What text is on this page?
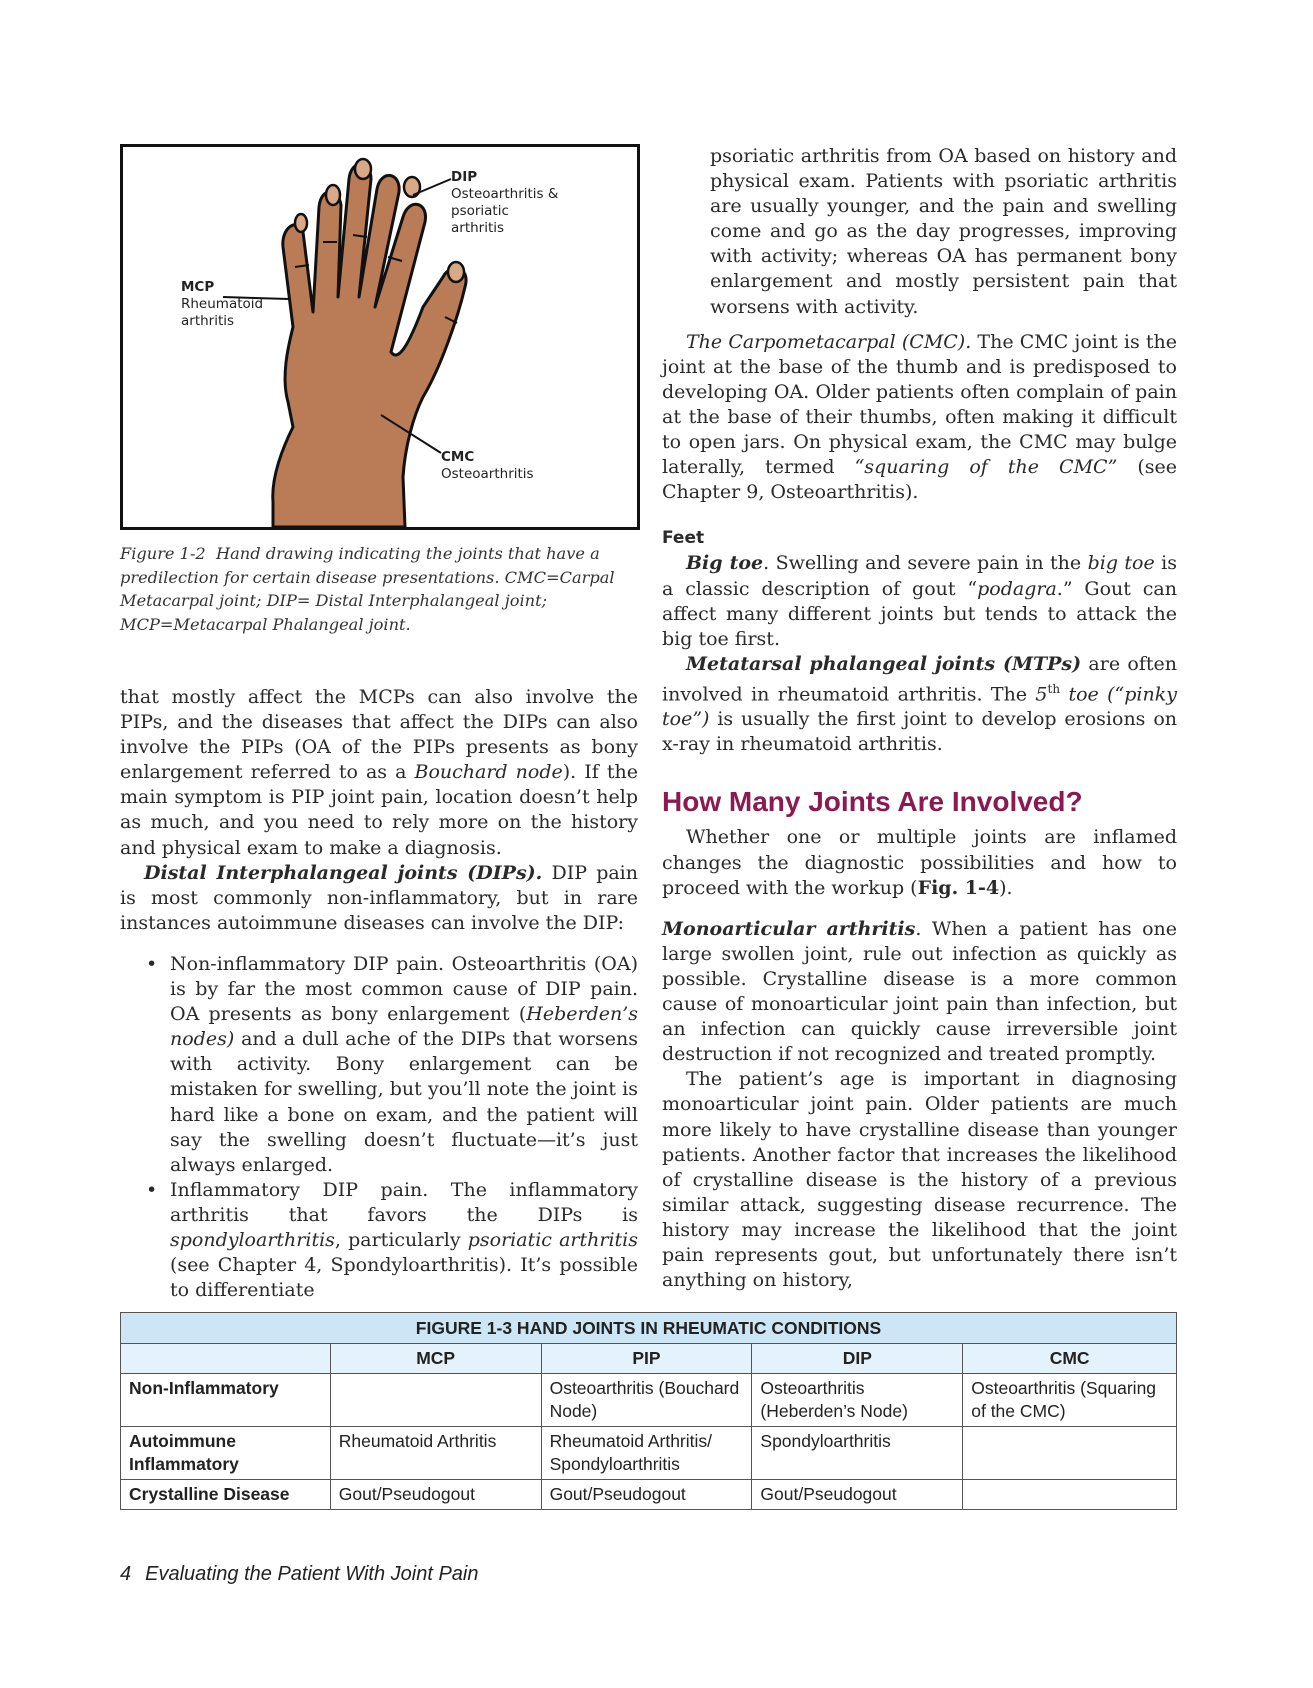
DIP
Osteoarthritis & psoriatic arthritis
MCP
Rheumatoid arthritis
CMC
Osteoarthritis
Figure 1-2 Hand drawing indicating the joints that have a predilection for certain disease presentations. CMC=Carpal Metacarpal joint; DIP= Distal Interphalangeal joint; MCP=Metacarpal Phalangeal joint.

that mostly affect the MCPs can also involve the PIPs, and the diseases that affect the DIPs can also involve the PIPs (OA of the PIPs presents as bony enlargement referred to as a Bouchard node). If the main symptom is PIP joint pain, location doesn’t help as much, and you need to rely more on the history and physical exam to make a diagnosis.

Distal Interphalangeal joints (DIPs). DIP pain is most commonly non-inflammatory, but in rare instances autoimmune diseases can involve the DIP:

• Non-inflammatory DIP pain. Osteoarthritis (OA) is by far the most common cause of DIP pain. OA presents as bony enlargement (Heberden’s nodes) and a dull ache of the DIPs that worsens with activity. Bony enlargement can be mistaken for swelling, but you’ll note the joint is hard like a bone on exam, and the patient will say the swelling doesn’t fluctuate—it’s just always enlarged.
• Inflammatory DIP pain. The inflammatory arthritis that favors the DIPs is spondyloarthritis, particularly psoriatic arthritis (see Chapter 4, Spondyloarthritis). It’s possible to differentiate

psoriatic arthritis from OA based on history and physical exam. Patients with psoriatic arthritis are usually younger, and the pain and swelling come and go as the day progresses, improving with activity; whereas OA has permanent bony enlargement and mostly persistent pain that worsens with activity.

The Carpometacarpal (CMC). The CMC joint is the joint at the base of the thumb and is predisposed to developing OA. Older patients often complain of pain at the base of their thumbs, often making it difficult to open jars. On physical exam, the CMC may bulge laterally, termed “squaring of the CMC” (see Chapter 9, Osteoarthritis).

Feet

Big toe. Swelling and severe pain in the big toe is a classic description of gout “podagra.” Gout can affect many different joints but tends to attack the big toe first.

Metatarsal phalangeal joints (MTPs) are often involved in rheumatoid arthritis. The 5th toe (“pinky toe”) is usually the first joint to develop erosions on x-ray in rheumatoid arthritis.

How Many Joints Are Involved?

Whether one or multiple joints are inflamed changes the diagnostic possibilities and how to proceed with the workup (Fig. 1-4).

Monoarticular arthritis. When a patient has one large swollen joint, rule out infection as quickly as possible. Crystalline disease is a more common cause of monoarticular joint pain than infection, but an infection can quickly cause irreversible joint destruction if not recognized and treated promptly.

The patient’s age is important in diagnosing monoarticular joint pain. Older patients are much more likely to have crystalline disease than younger patients. Another factor that increases the likelihood of crystalline disease is the history of a previous similar attack, suggesting disease recurrence. The history may increase the likelihood that the joint pain represents gout, but unfortunately there isn’t anything on history,

FIGURE 1-3 HAND JOINTS IN RHEUMATIC CONDITIONS				
	MCP	PIP	DIP	CMC
Non-Inflammatory		Osteoarthritis (Bouchard Node)	Osteoarthritis (Heberden’s Node)	Osteoarthritis (Squaring of the CMC)
Autoimmune Inflammatory	Rheumatoid Arthritis	Rheumatoid Arthritis/ Spondyloarthritis	Spondyloarthritis	
Crystalline Disease	Gout/Pseudogout	Gout/Pseudogout	Gout/Pseudogout	
4 Evaluating the Patient With Joint Pain
